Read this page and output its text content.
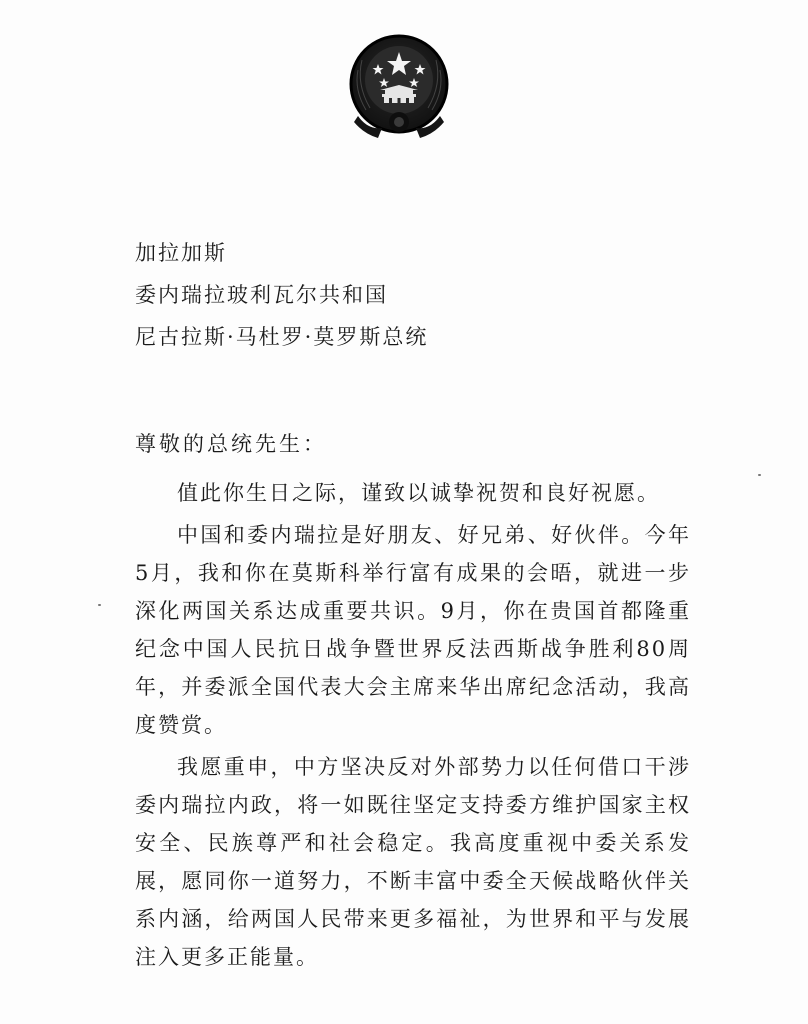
加拉加斯
委内瑞拉玻利瓦尔共和国
尼古拉斯·马杜罗·莫罗斯总统
尊敬的总统先生：

值此你生日之际，谨致以诚挚祝贺和良好祝愿。

中国和委内瑞拉是好朋友、好兄弟、好伙伴。今年5月，我和你在莫斯科举行富有成果的会晤，就进一步深化两国关系达成重要共识。9月，你在贵国首都隆重纪念中国人民抗日战争暨世界反法西斯战争胜利80周年，并委派全国代表大会主席来华出席纪念活动，我高度赞赏。

我愿重申，中方坚决反对外部势力以任何借口干涉委内瑞拉内政，将一如既往坚定支持委方维护国家主权安全、民族尊严和社会稳定。我高度重视中委关系发展，愿同你一道努力，不断丰富中委全天候战略伙伴关系内涵，给两国人民带来更多福祉，为世界和平与发展注入更多正能量。
